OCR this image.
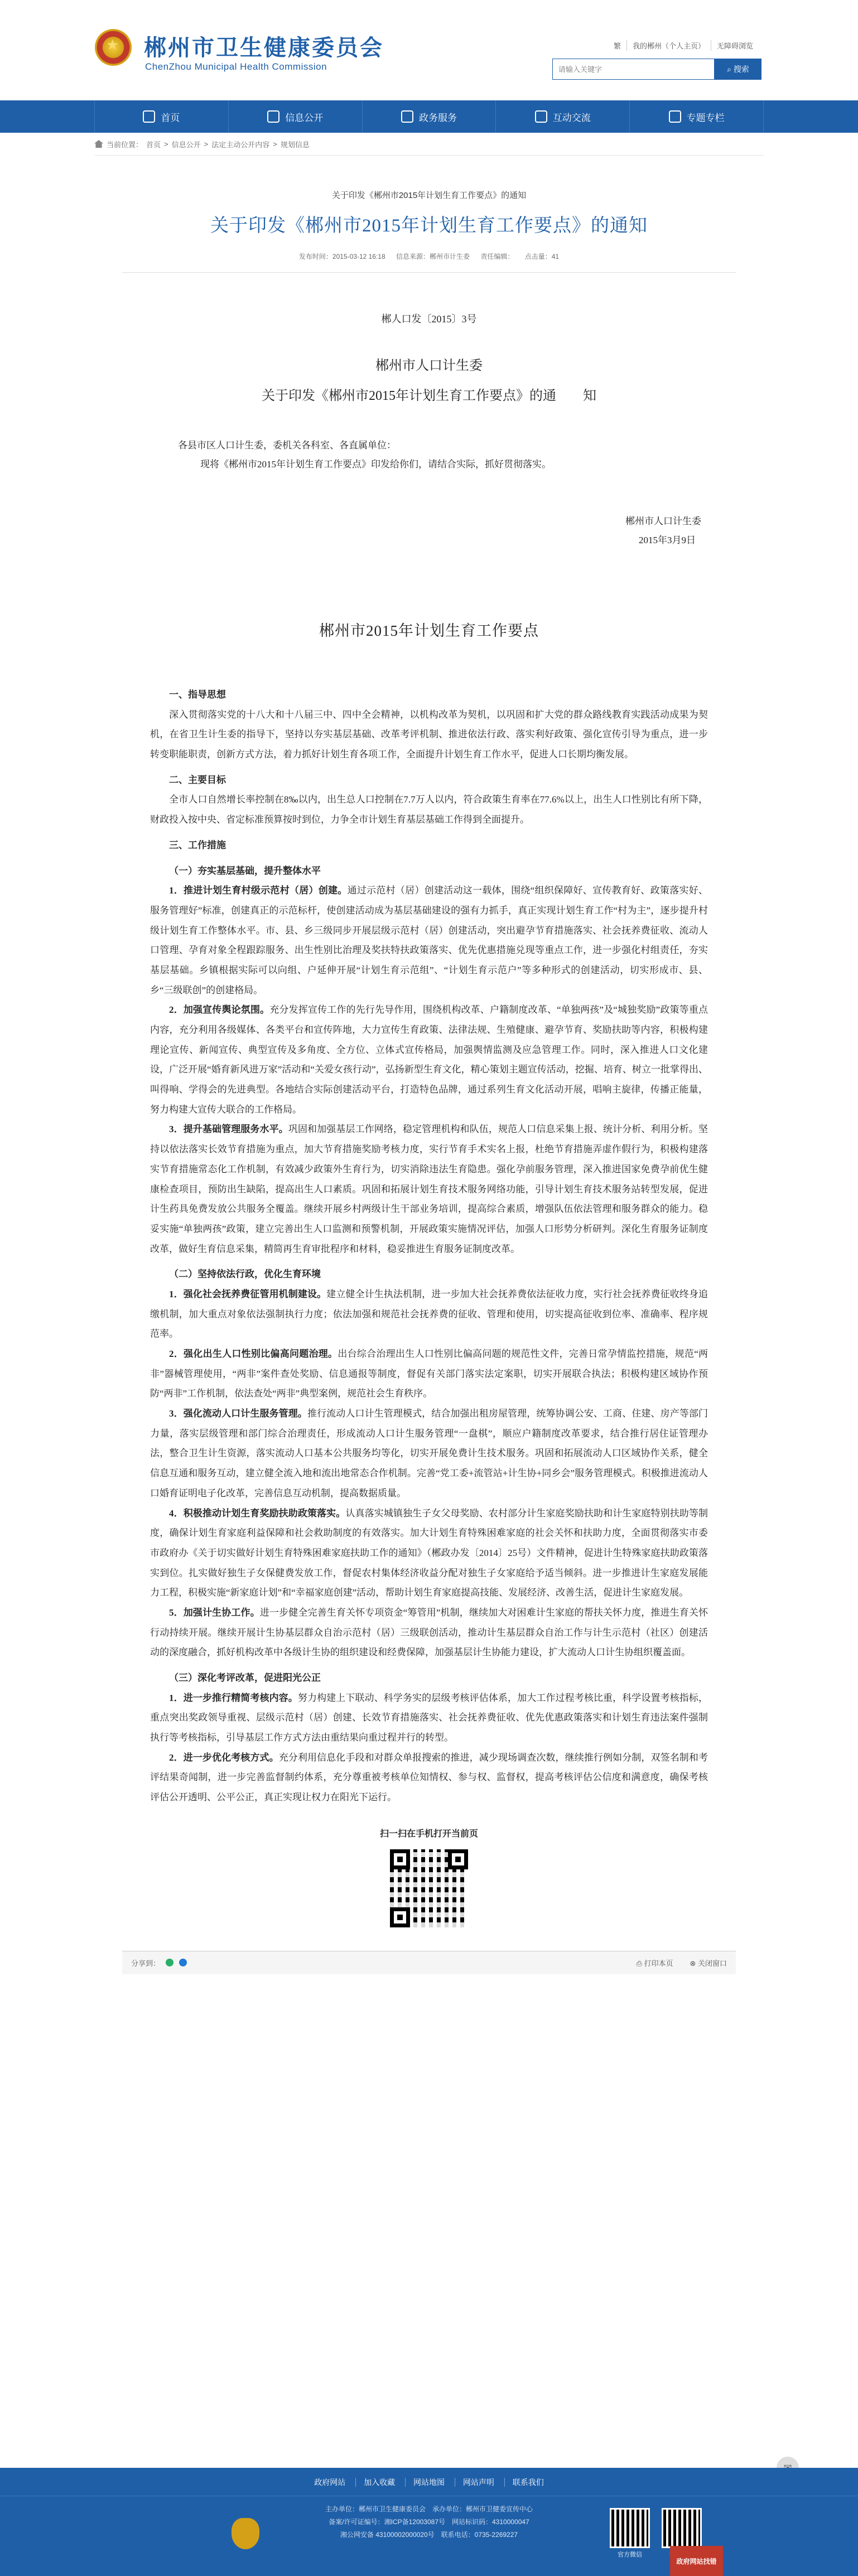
★ 郴州市卫生健康委员会
ChenZhou Municipal Health Commission
繁	我的郴州（个人主页）	无障碍浏览
请输入关键字
⌕ 搜索
首页	信息公开	政务服务	互动交流	专题专栏
当前位置： 首页 > 信息公开 > 法定主动公开内容 > 规划信息
关于印发《郴州市2015年计划生育工作要点》的通知
关于印发《郴州市2015年计划生育工作要点》的通知
发布时间：2015-03-12 16:18 信息来源：郴州市计生委 责任编辑： 点击量：41
郴人口发〔2015〕3号
郴州市人口计生委
关于印发《郴州市2015年计划生育工作要点》的通　　知
各县市区人口计生委，委机关各科室、各直属单位：
现将《郴州市2015年计划生育工作要点》印发给你们，请结合实际，抓好贯彻落实。
郴州市人口计生委
2015年3月9日
郴州市2015年计划生育工作要点
一、指导思想

深入贯彻落实党的十八大和十八届三中、四中全会精神，以机构改革为契机，以巩固和扩大党的群众路线教育实践活动成果为契机，在省卫生计生委的指导下，坚持以夯实基层基础、改革考评机制、推进依法行政、落实利好政策、强化宣传引导为重点，进一步转变职能职责，创新方式方法，着力抓好计划生育各项工作，全面提升计划生育工作水平，促进人口长期均衡发展。

二、主要目标

全市人口自然增长率控制在8‰以内，出生总人口控制在7.7万人以内，符合政策生育率在77.6%以上，出生人口性别比有所下降，财政投入按中央、省定标准预算按时到位，力争全市计划生育基层基础工作得到全面提升。

三、工作措施
（一）夯实基层基础，提升整体水平

1．推进计划生育村级示范村（居）创建。通过示范村（居）创建活动这一载体，围绕“组织保障好、宣传教育好、政策落实好、服务管理好”标准，创建真正的示范标杆，使创建活动成为基层基础建设的强有力抓手，真正实现计划生育工作“村为主”，逐步提升村级计划生育工作整体水平。市、县、乡三级同步开展层级示范村（居）创建活动，突出避孕节育措施落实、社会抚养费征收、流动人口管理、孕育对象全程跟踪服务、出生性别比治理及奖扶特扶政策落实、优先优惠措施兑现等重点工作，进一步强化村组责任，夯实基层基础。乡镇根据实际可以向组、户延伸开展“计划生育示范组”、“计划生育示范户”等多种形式的创建活动，切实形成市、县、乡“三级联创”的创建格局。

2．加强宣传舆论氛围。充分发挥宣传工作的先行先导作用，围绕机构改革、户籍制度改革、“单独两孩”及“城独奖励”政策等重点内容，充分利用各级媒体、各类平台和宣传阵地，大力宣传生育政策、法律法规、生殖健康、避孕节育、奖励扶助等内容，积极构建理论宣传、新闻宣传、典型宣传及多角度、全方位、立体式宣传格局，加强舆情监测及应急管理工作。同时，深入推进人口文化建设，广泛开展“婚育新风进万家”活动和“关爱女孩行动”，弘扬新型生育文化，精心策划主题宣传活动，挖掘、培育、树立一批掌得出、叫得响、学得会的先进典型。各地结合实际创建活动平台，打造特色品牌，通过系列生育文化活动开展，唱响主旋律，传播正能量，努力构建大宣传大联合的工作格局。

3．提升基础管理服务水平。巩固和加强基层工作网络，稳定管理机构和队伍，规范人口信息采集上报、统计分析、利用分析。坚持以依法落实长效节育措施为重点，加大节育措施奖励考核力度，实行节育手术实名上报，杜绝节育措施弄虚作假行为，积极构建落实节育措施常态化工作机制，有效减少政策外生育行为，切实消除违法生育隐患。强化孕前服务管理，深入推进国家免费孕前优生健康检查项目，预防出生缺陷，提高出生人口素质。巩固和拓展计划生育技术服务网络功能，引导计划生育技术服务站转型发展，促进计生药具免费发放公共服务全覆盖。继续开展乡村两级计生干部业务培训，提高综合素质，增强队伍依法管理和服务群众的能力。稳妥实施“单独两孩”政策，建立完善出生人口监测和预警机制，开展政策实施情况评估，加强人口形势分析研判。深化生育服务证制度改革，做好生育信息采集，精简再生育审批程序和材料，稳妥推进生育服务证制度改革。

（二）坚持依法行政，优化生育环境

1．强化社会抚养费征管用机制建设。建立健全计生执法机制，进一步加大社会抚养费依法征收力度，实行社会抚养费征收终身追缴机制，加大重点对象依法强制执行力度；依法加强和规范社会抚养费的征收、管理和使用，切实提高征收到位率、准确率、程序规范率。

2．强化出生人口性别比偏高问题治理。出台综合治理出生人口性别比偏高问题的规范性文件，完善日常孕情监控措施，规范“两非”器械管理使用，“两非”案件查处奖励、信息通报等制度，督促有关部门落实法定案职，切实开展联合执法；积极构建区域协作预防“两非”工作机制，依法查处“两非”典型案例，规范社会生育秩序。

3．强化流动人口计生服务管理。推行流动人口计生管理模式，结合加强出租房屋管理，统筹协调公安、工商、住建、房产等部门力量，落实层级管理和部门综合治理责任，形成流动人口计生服务管理“一盘棋”，顺应户籍制度改革要求，结合推行居住证管理办法，整合卫生计生资源，落实流动人口基本公共服务均等化，切实开展免费计生技术服务。巩固和拓展流动人口区域协作关系，健全信息互通和服务互动，建立健全流入地和流出地常态合作机制。完善“党工委+流管站+计生协+同乡会”服务管理模式。积极推进流动人口婚育证明电子化改革，完善信息互动机制，提高数据质量。

4．积极推动计划生育奖励扶助政策落实。认真落实城镇独生子女父母奖励、农村部分计生家庭奖励扶助和计生家庭特别扶助等制度，确保计划生育家庭利益保障和社会救助制度的有效落实。加大计划生育特殊困难家庭的社会关怀和扶助力度，全面贯彻落实市委市政府办《关于切实做好计划生育特殊困难家庭扶助工作的通知》（郴政办发〔2014〕25号）文件精神，促进计生特殊家庭扶助政策落实到位。扎实做好独生子女保健费发放工作，督促农村集体经济收益分配对独生子女家庭给予适当倾斜。进一步推进计生家庭发展能力工程，积极实施“新家庭计划”和“幸福家庭创建”活动，帮助计划生育家庭提高技能、发展经济、改善生活，促进计生家庭发展。

5．加强计生协工作。进一步健全完善生育关怀专项资金“筹管用”机制，继续加大对困难计生家庭的帮扶关怀力度，推进生育关怀行动持续开展。继续开展计生协基层群众自治示范村（居）三级联创活动，推动计生基层群众自治工作与计生示范村（社区）创建活动的深度融合，抓好机构改革中各级计生协的组织建设和经费保障，加强基层计生协能力建设，扩大流动人口计生协组织覆盖面。

（三）深化考评改革，促进阳光公正

1．进一步推行精简考核内容。努力构建上下联动、科学务实的层级考核评估体系，加大工作过程考核比重，科学设置考核指标，重点突出奖政领导重视、层级示范村（居）创建、长效节育措施落实、社会抚养费征收、优先优惠政策落实和计划生育违法案件强制执行等考核指标，引导基层工作方式方法由重结果向重过程并行的转型。

2．进一步优化考核方式。充分利用信息化手段和对群众单报搜索的推进，减少现场调查次数，继续推行例如分制，双签名制和考评结果奇闻制，进一步完善监督制约体系，充分尊重被考核单位知情权、参与权、监督权，提高考核评估公信度和满意度，确保考核评估公开透明、公平公正，真正实现让权力在阳光下运行。

扫一扫在手机打开当前页
分享到：	⎙ 打印本页 ⊗ 关闭窗口
政府网站 加入收藏 网站地图 网站声明 联系我们
主办单位：郴州市卫生健康委员会　承办单位：郴州市卫健委宣传中心
备案/许可证编号：湘ICP备12003087号　网站标识码：4310000047
湘公网安备 43100002000020号　联系电话：0735-2269227
官方微信
政府网站找错
